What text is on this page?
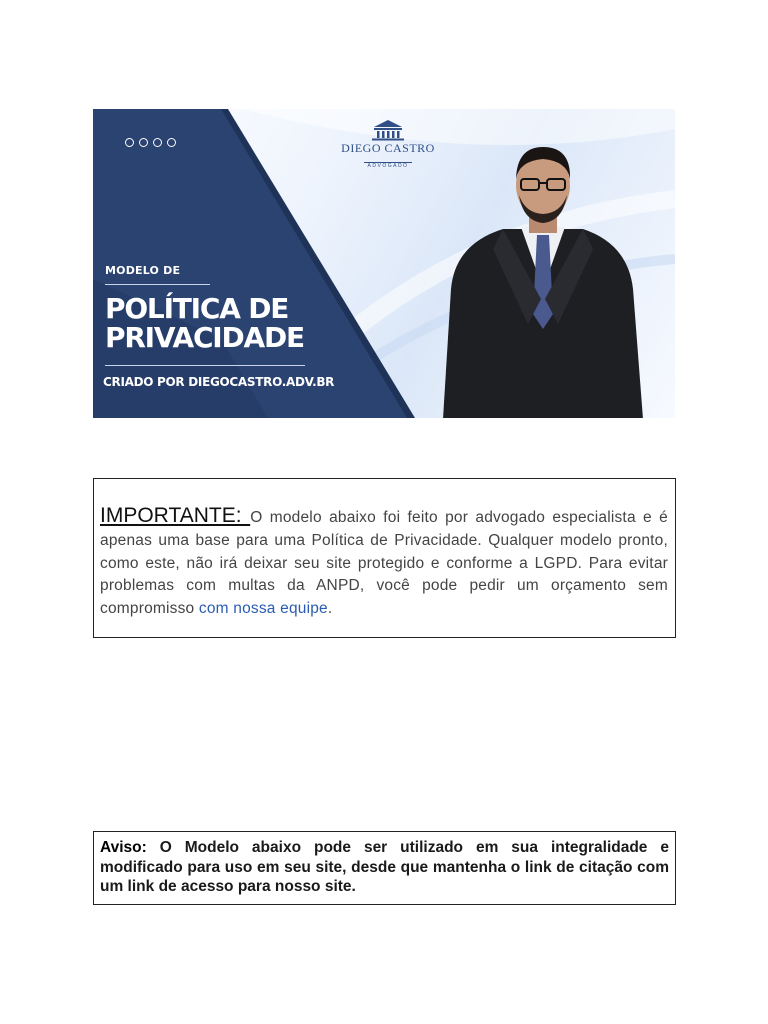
DIEGO CASTRO
ADVOGADO
MODELO DE
POLÍTICA DE
PRIVACIDADE
CRIADO POR DIEGOCASTRO.ADV.BR

IMPORTANTE: O modelo abaixo foi feito por advogado especialista e é apenas uma base para uma Política de Privacidade. Qualquer modelo pronto, como este, não irá deixar seu site protegido e conforme a LGPD. Para evitar problemas com multas da ANPD, você pode pedir um orçamento sem compromisso com nossa equipe.

Aviso: O Modelo abaixo pode ser utilizado em sua integralidade e modificado para uso em seu site, desde que mantenha o link de citação com um link de acesso para nosso site.
